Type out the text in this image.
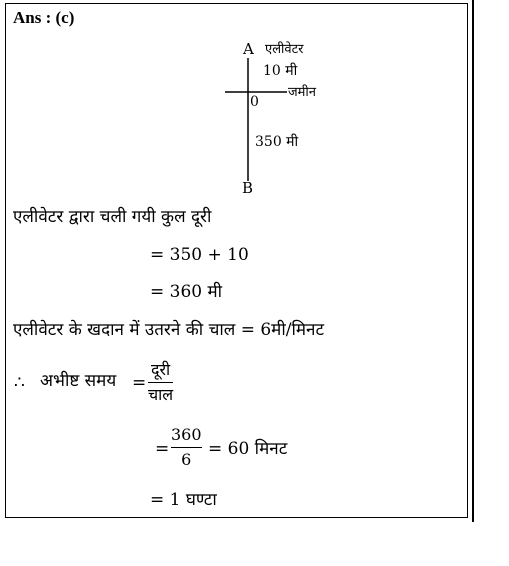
Ans : (c)
A एलीवेटर
10 मी
0
जमीन
350 मी
B
एलीवेटर द्वारा चली गयी कुल दूरी
= 350 + 10
= 360 मी
एलीवेटर के खदान में उतरने की चाल = 6मी/मिनट
∴ अभीष्ट समय =
दूरी
चाल
=
360
6
= 60 मिनट
= 1 घण्टा
